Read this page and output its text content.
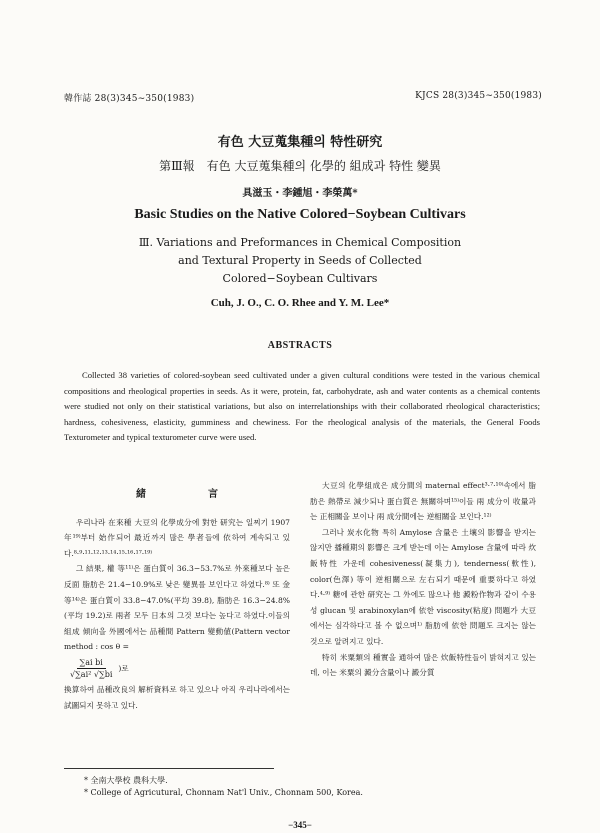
韓作誌 28(3)345∼350(1983)	KJCS 28(3)345∼350(1983)
有色 大豆蒐集種의 特性研究
第Ⅲ報　有色 大豆蒐集種의 化學的 組成과 特性 變異
具滋玉・李鍾旭・李榮萬*
Basic Studies on the Native Colored−Soybean Cultivars
Ⅲ. Variations and Preformances in Chemical Composition
and Textural Property in Seeds of Collected
Colored−Soybean Cultivars
Cuh, J. O., C. O. Rhee and Y. M. Lee*
ABSTRACTS

Collected 38 varieties of colored-soybean seed cultivated under a given cultural conditions were tested in the various chemical compositions and rheological properties in seeds. As it were, protein, fat, carbohydrate, ash and water contents as a chemical contents were studied not only on their statistical variations, but also on interrelationships with their collaborated rheological characteristics; hardness, cohesiveness, elasticity, gumminess and chewiness. For the rheological analysis of the materials, the General Foods Texturometer and typical texturometer curve were used.

緒　言

우리나라 在來種 大豆의 化學成分에 對한 研究는 일찌기 1907年¹⁹⁾부터 始作되어 最近까지 많은 學者들에 依하여 계속되고 있다.⁸·⁹·¹¹·¹²·¹³·¹⁴·¹⁵·¹⁶·¹⁷·¹⁹⁾

그 結果, 權 等¹¹⁾은 蛋白質이 36.3−53.7%로 外來種보다 높은 反面 脂肪은 21.4−10.9%로 낮은 變異를 보인다고 하였다.⁸⁾ 또 金 等¹⁴⁾은 蛋白質이 33.8−47.0%(平均 39.8), 脂肪은 16.3−24.8%(平均 19.2)로 兩者 모두 日本의 그것 보다는 높다고 하였다.이들의 組成 傾向을 外國에서는 品種間 Pattern 變動値(Pattern vector method : cos θ =

$\frac{\text{∑ai bi}}{\text{√∑ai² √∑bi}}$ )로

換算하여 品種改良의 解析資料로 하고 있으나 아직 우리나라에서는 試圖되지 못하고 있다.

大豆의 化學組成은 成分間의 maternal effect³·⁷·¹⁰⁾속에서 脂肪은 熱帶로 減少되나 蛋白質은 無關하며¹⁵⁾이들 兩 成分이 收量과는 正相關을 보이나 兩 成分間에는 逆相關을 보인다.¹²⁾

그러나 炭水化物 특히 Amylose 含量은 土壤의 影響을 받지는 않지만 播種期의 影響은 크게 받는데 이는 Amylose 含量에 따라 炊飯特性 가운데 cohesiveness(凝集力), tenderness(軟性), color(色澤) 等이 逆相關으로 左右되기 때문에 重要하다고 하였다.⁴·⁹⁾ 糖에 관한 研究는 그 外에도 많으나 他 澱粉作物과 같이 수용성 glucan 및 arabinoxylan에 依한 viscosity(粘度) 問題가 大豆에서는 심각하다고 볼 수 없으며¹⁾ 脂肪에 依한 問題도 크지는 않는 것으로 알려지고 있다.

特히 米粟類의 種實을 通하여 많은 炊飯特性들이 밝혀지고 있는데, 이는 米粟의 澱分含量이나 澱分質

* 全南大學校 農科大學.
* College of Agricutural, Chonnam Nat'l Univ., Chonnam 500, Korea.
−345−
